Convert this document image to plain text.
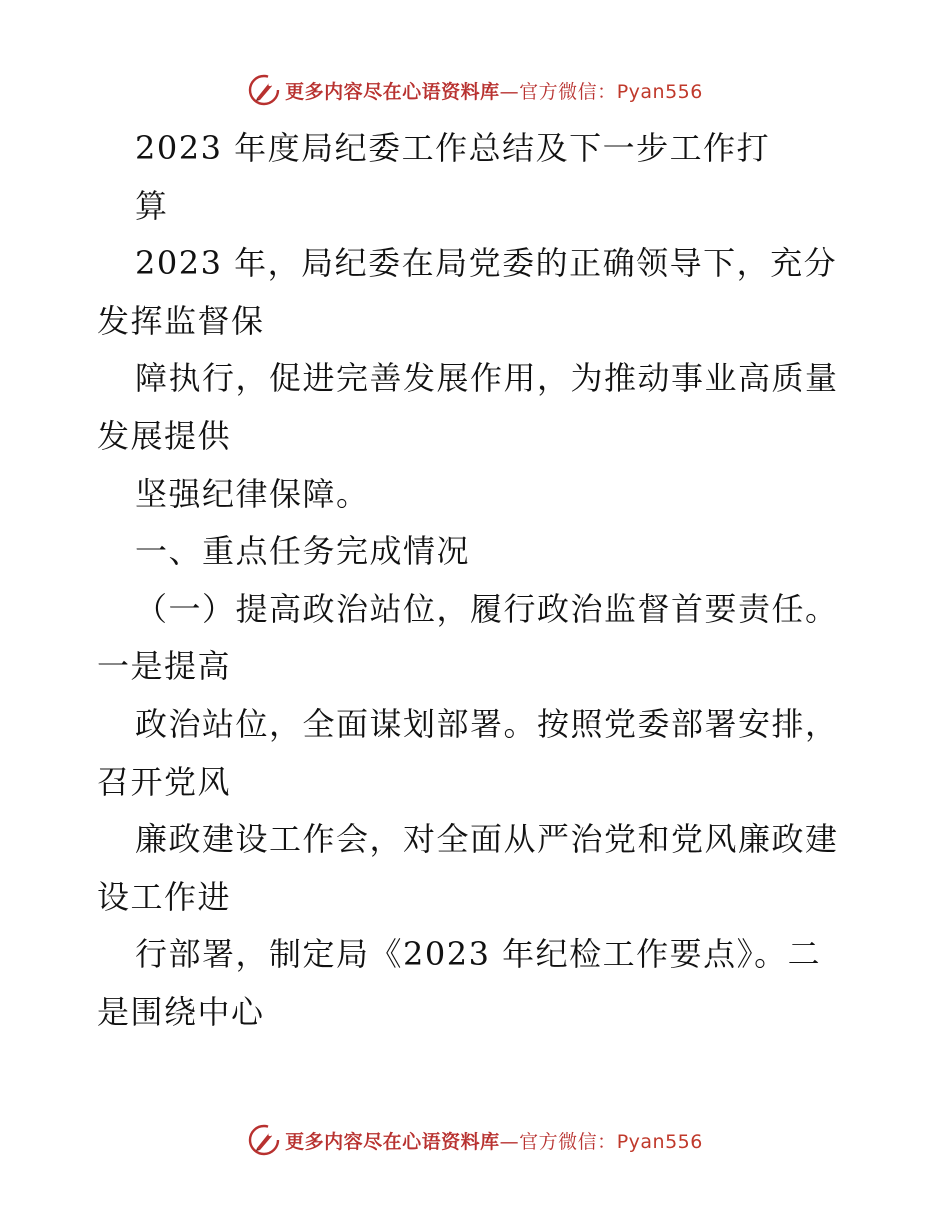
更多内容尽在心语资料库—官方微信：Pyan556
2023 年度局纪委工作总结及下一步工作打
算
2023 年，局纪委在局党委的正确领导下，充分
发挥监督保
障执行，促进完善发展作用，为推动事业高质量
发展提供
坚强纪律保障。
一、重点任务完成情况
（一）提高政治站位，履行政治监督首要责任。
一是提高
政治站位，全面谋划部署。按照党委部署安排，
召开党风
廉政建设工作会，对全面从严治党和党风廉政建
设工作进
行部署，制定局《2023 年纪检工作要点》。二
是围绕中心
更多内容尽在心语资料库—官方微信：Pyan556
